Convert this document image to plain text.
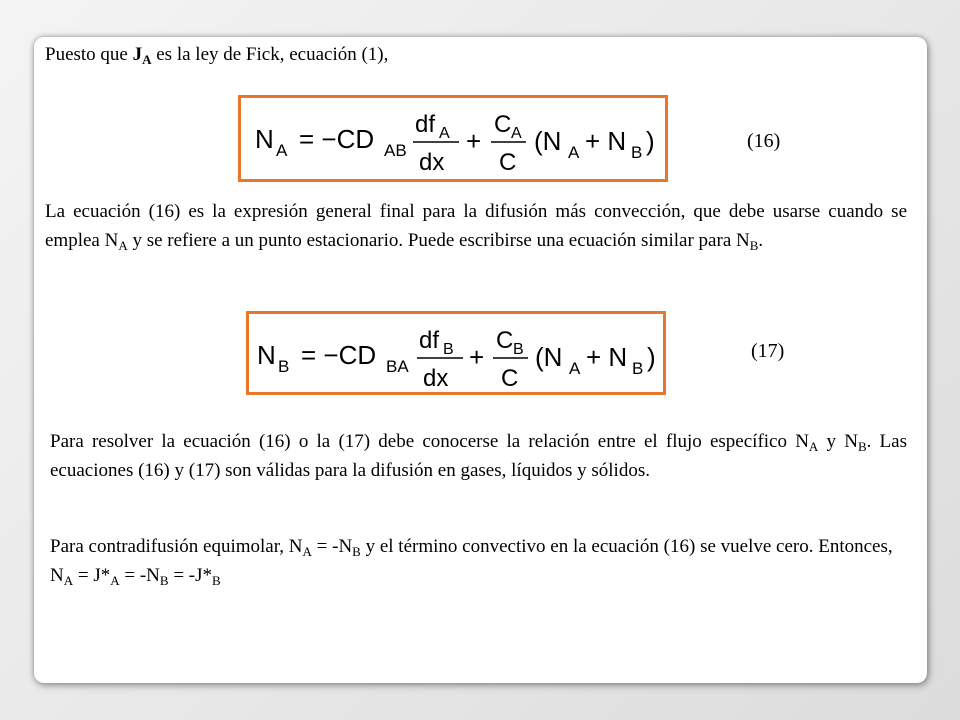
Puesto que $J_A$ es la ley de Fick, ecuación (1),
N A = −CD AB
df A
dx
+
C A
C
(N A + N B )	(16)
La ecuación (16) es la expresión general final para la difusión más convección, que debe usarse cuando se emplea $N_A$ y se refiere a un punto estacionario. Puede escribirse una ecuación similar para $N_B$.
N B = −CD BA
df B
dx
+
C B
C
(N A + N B )	(17)
Para resolver la ecuación (16) o la (17) debe conocerse la relación entre el flujo específico $N_A$ y $N_B$. Las ecuaciones (16) y (17) son válidas para la difusión en gases, líquidos y sólidos.
Para contradifusión equimolar, $N_A = -N_B$ y el término convectivo en la ecuación (16) se vuelve cero. Entonces, $N_A = J*_A = -N_B = -J*_B$
